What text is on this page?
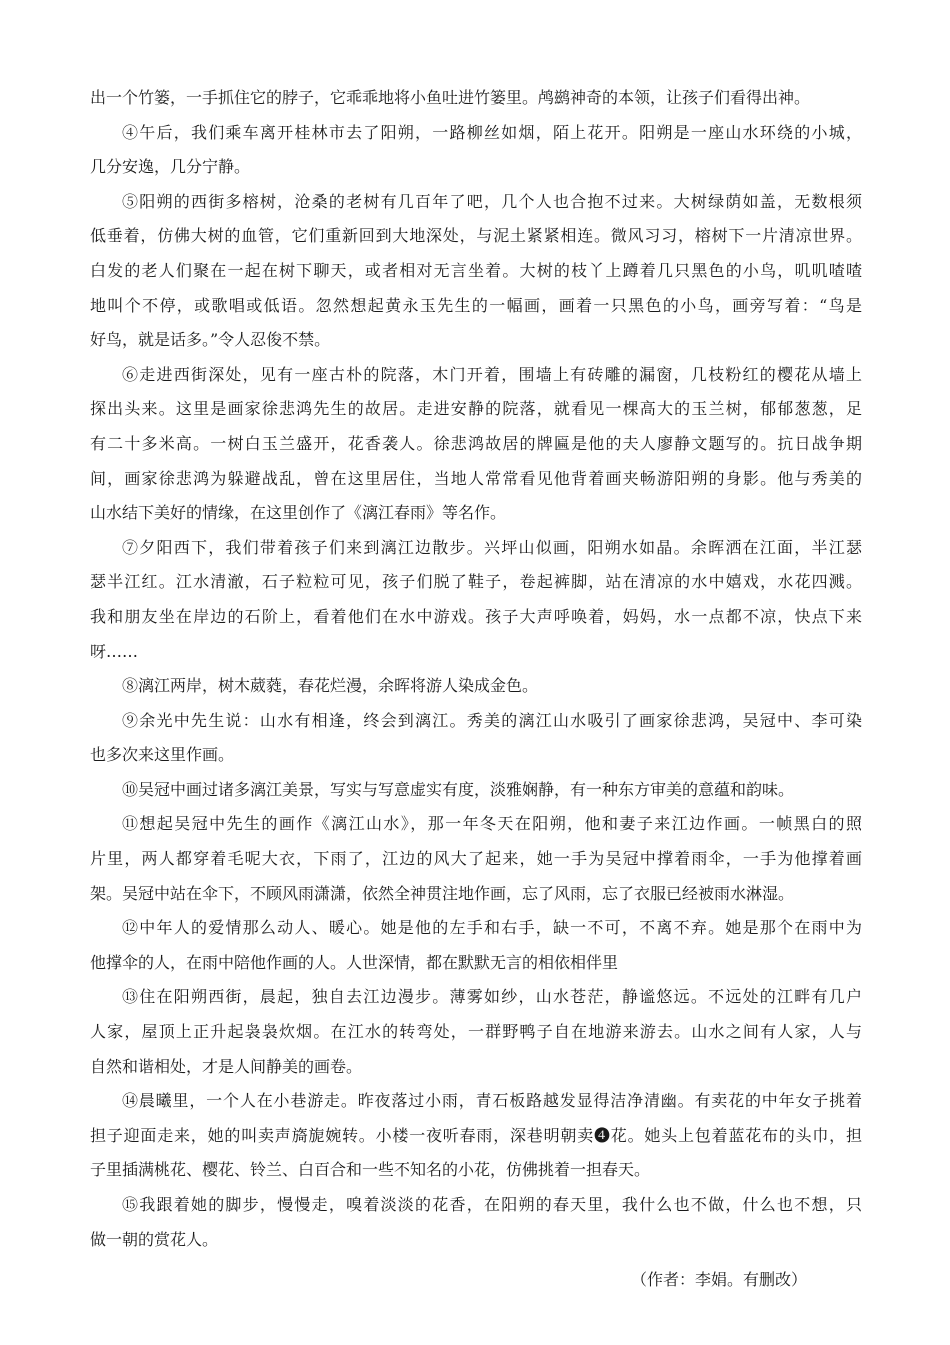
出一个竹篓，一手抓住它的脖子，它乖乖地将小鱼吐进竹篓里。鸬鹚神奇的本领，让孩子们看得出神。
④午后，我们乘车离开桂林市去了阳朔，一路柳丝如烟，陌上花开。阳朔是一座山水环绕的小城，
几分安逸，几分宁静。
⑤阳朔的西街多榕树，沧桑的老树有几百年了吧，几个人也合抱不过来。大树绿荫如盖，无数根须
低垂着，仿佛大树的血管，它们重新回到大地深处，与泥土紧紧相连。微风习习，榕树下一片清凉世界。
白发的老人们聚在一起在树下聊天，或者相对无言坐着。大树的枝丫上蹲着几只黑色的小鸟，叽叽喳喳
地叫个不停，或歌唱或低语。忽然想起黄永玉先生的一幅画，画着一只黑色的小鸟，画旁写着：“鸟是
好鸟，就是话多。”令人忍俊不禁。
⑥走进西街深处，见有一座古朴的院落，木门开着，围墙上有砖雕的漏窗，几枝粉红的樱花从墙上
探出头来。这里是画家徐悲鸿先生的故居。走进安静的院落，就看见一棵高大的玉兰树，郁郁葱葱，足
有二十多米高。一树白玉兰盛开，花香袭人。徐悲鸿故居的牌匾是他的夫人廖静文题写的。抗日战争期
间，画家徐悲鸿为躲避战乱，曾在这里居住，当地人常常看见他背着画夹畅游阳朔的身影。他与秀美的
山水结下美好的情缘，在这里创作了《漓江春雨》等名作。
⑦夕阳西下，我们带着孩子们来到漓江边散步。兴坪山似画，阳朔水如晶。余晖洒在江面，半江瑟
瑟半江红。江水清澈，石子粒粒可见，孩子们脱了鞋子，卷起裤脚，站在清凉的水中嬉戏，水花四溅。
我和朋友坐在岸边的石阶上，看着他们在水中游戏。孩子大声呼唤着，妈妈，水一点都不凉，快点下来
呀……
⑧漓江两岸，树木葳蕤，春花烂漫，余晖将游人染成金色。
⑨余光中先生说：山水有相逢，终会到漓江。秀美的漓江山水吸引了画家徐悲鸿，吴冠中、李可染
也多次来这里作画。
⑩吴冠中画过诸多漓江美景，写实与写意虚实有度，淡雅娴静，有一种东方审美的意蕴和韵味。
⑪想起吴冠中先生的画作《漓江山水》，那一年冬天在阳朔，他和妻子来江边作画。一帧黑白的照
片里，两人都穿着毛呢大衣，下雨了，江边的风大了起来，她一手为吴冠中撑着雨伞，一手为他撑着画
架。吴冠中站在伞下，不顾风雨潇潇，依然全神贯注地作画，忘了风雨，忘了衣服已经被雨水淋湿。
⑫中年人的爱情那么动人、暖心。她是他的左手和右手，缺一不可，不离不弃。她是那个在雨中为
他撑伞的人，在雨中陪他作画的人。人世深情，都在默默无言的相依相伴里
⑬住在阳朔西街，晨起，独自去江边漫步。薄雾如纱，山水苍茫，静谧悠远。不远处的江畔有几户
人家，屋顶上正升起袅袅炊烟。在江水的转弯处，一群野鸭子自在地游来游去。山水之间有人家，人与
自然和谐相处，才是人间静美的画卷。
⑭晨曦里，一个人在小巷游走。昨夜落过小雨，青石板路越发显得洁净清幽。有卖花的中年女子挑着
担子迎面走来，她的叫卖声旖旎婉转。小楼一夜听春雨，深巷明朝卖❹花。她头上包着蓝花布的头巾，担
子里插满桃花、樱花、铃兰、白百合和一些不知名的小花，仿佛挑着一担春天。
⑮我跟着她的脚步，慢慢走，嗅着淡淡的花香，在阳朔的春天里，我什么也不做，什么也不想，只
做一朝的赏花人。
（作者：李娟。有删改）
